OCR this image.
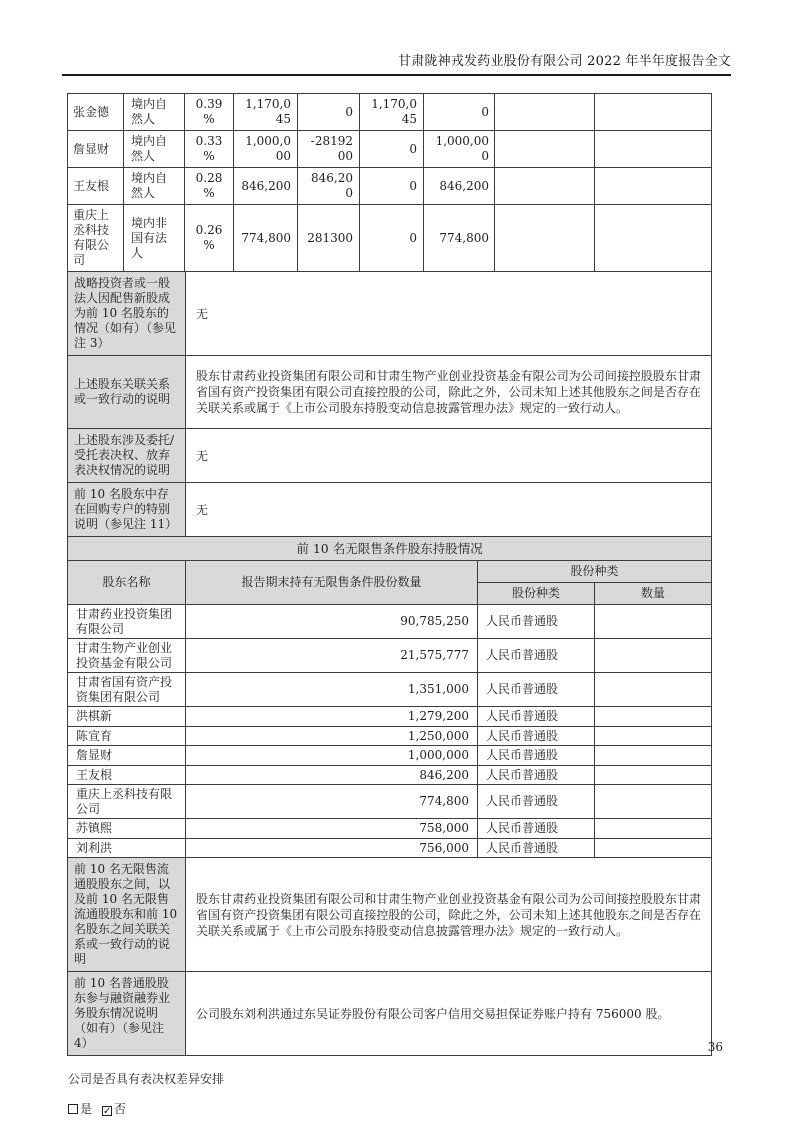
甘肃陇神戎发药业股份有限公司 2022 年半年度报告全文
张金德	境内自然人	0.39%	1,170,045	0	1,170,045	0		
詹显财	境内自然人	0.33%	1,000,000	-2819200	0	1,000,000		
王友根	境内自然人	0.28%	846,200	846,200	0	846,200		
重庆上丞科技有限公司	境内非国有法人	0.26%	774,800	281300	0	774,800		
战略投资者或一般法人因配售新股成为前 10 名股东的情况（如有）（参见注 3）	无
上述股东关联关系或一致行动的说明	股东甘肃药业投资集团有限公司和甘肃生物产业创业投资基金有限公司为公司间接控股股东甘肃省国有资产投资集团有限公司直接控股的公司，除此之外，公司未知上述其他股东之间是否存在关联关系或属于《上市公司股东持股变动信息披露管理办法》规定的一致行动人。
上述股东涉及委托/受托表决权、放弃表决权情况的说明	无
前 10 名股东中存在回购专户的特别说明（参见注 11）	无
前 10 名无限售条件股东持股情况			
股东名称	报告期末持有无限售条件股份数量	股份种类	
		股份种类	数量
甘肃药业投资集团有限公司	90,785,250	人民币普通股	
甘肃生物产业创业投资基金有限公司	21,575,777	人民币普通股	
甘肃省国有资产投资集团有限公司	1,351,000	人民币普通股	
洪棋新	1,279,200	人民币普通股	
陈宣育	1,250,000	人民币普通股	
詹显财	1,000,000	人民币普通股	
王友根	846,200	人民币普通股	
重庆上丞科技有限公司	774,800	人民币普通股	
苏镇熙	758,000	人民币普通股	
刘利洪	756,000	人民币普通股	
前 10 名无限售流通股股东之间，以及前 10 名无限售流通股股东和前 10 名股东之间关联关系或一致行动的说明	股东甘肃药业投资集团有限公司和甘肃生物产业创业投资基金有限公司为公司间接控股股东甘肃省国有资产投资集团有限公司直接控股的公司，除此之外，公司未知上述其他股东之间是否存在关联关系或属于《上市公司股东持股变动信息披露管理办法》规定的一致行动人。
前 10 名普通股股东参与融资融券业务股东情况说明（如有）（参见注 4）	公司股东刘利洪通过东吴证券股份有限公司客户信用交易担保证券账户持有 756000 股。
公司是否具有表决权差异安排
是 ✓ 否
36
